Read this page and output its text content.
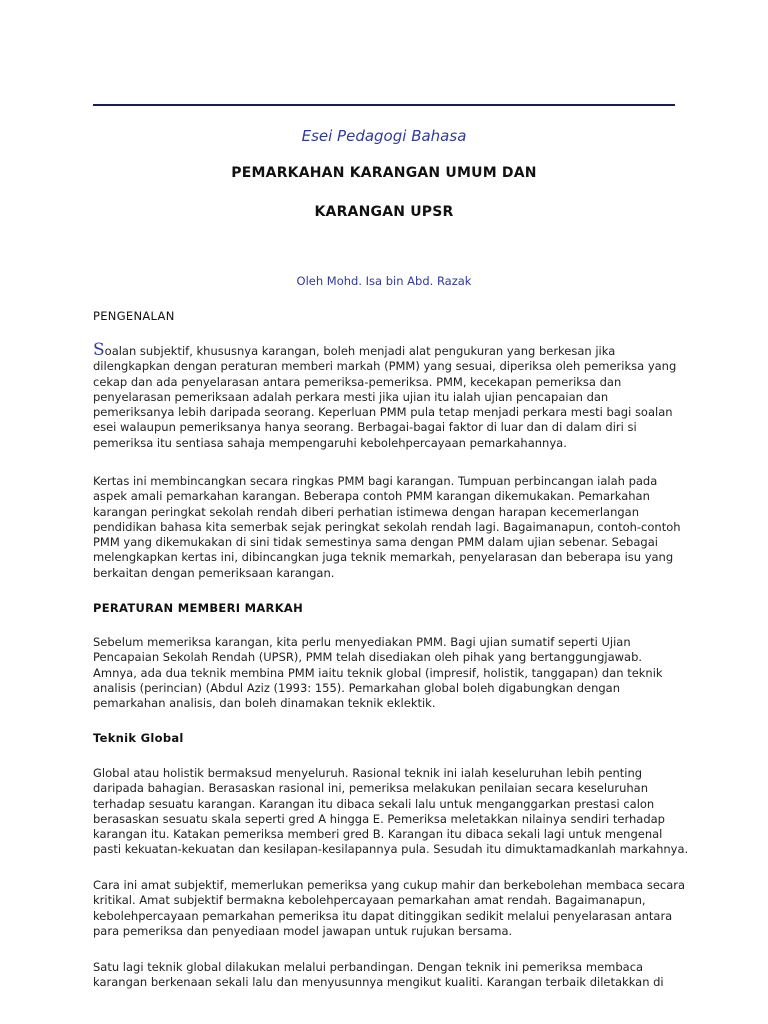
Esei Pedagogi Bahasa
PEMARKAHAN KARANGAN UMUM DAN
KARANGAN UPSR
Oleh Mohd. Isa bin Abd. Razak
PENGENALAN
Soalan subjektif, khususnya karangan, boleh menjadi alat pengukuran yang berkesan jika
dilengkapkan dengan peraturan memberi markah (PMM) yang sesuai, diperiksa oleh pemeriksa yang
cekap dan ada penyelarasan antara pemeriksa-pemeriksa. PMM, kecekapan pemeriksa dan
penyelarasan pemeriksaan adalah perkara mesti jika ujian itu ialah ujian pencapaian dan
pemeriksanya lebih daripada seorang. Keperluan PMM pula tetap menjadi perkara mesti bagi soalan
esei walaupun pemeriksanya hanya seorang. Berbagai-bagai faktor di luar dan di dalam diri si
pemeriksa itu sentiasa sahaja mempengaruhi kebolehpercayaan pemarkahannya.
Kertas ini membincangkan secara ringkas PMM bagi karangan. Tumpuan perbincangan ialah pada
aspek amali pemarkahan karangan. Beberapa contoh PMM karangan dikemukakan. Pemarkahan
karangan peringkat sekolah rendah diberi perhatian istimewa dengan harapan kecemerlangan
pendidikan bahasa kita semerbak sejak peringkat sekolah rendah lagi. Bagaimanapun, contoh-contoh
PMM yang dikemukakan di sini tidak semestinya sama dengan PMM dalam ujian sebenar. Sebagai
melengkapkan kertas ini, dibincangkan juga teknik memarkah, penyelarasan dan beberapa isu yang
berkaitan dengan pemeriksaan karangan.
PERATURAN MEMBERI MARKAH
Sebelum memeriksa karangan, kita perlu menyediakan PMM. Bagi ujian sumatif seperti Ujian
Pencapaian Sekolah Rendah (UPSR), PMM telah disediakan oleh pihak yang bertanggungjawab.
Amnya, ada dua teknik membina PMM iaitu teknik global (impresif, holistik, tanggapan) dan teknik
analisis (perincian) (Abdul Aziz (1993: 155). Pemarkahan global boleh digabungkan dengan
pemarkahan analisis, dan boleh dinamakan teknik eklektik.
Teknik Global
Global atau holistik bermaksud menyeluruh. Rasional teknik ini ialah keseluruhan lebih penting
daripada bahagian. Berasaskan rasional ini, pemeriksa melakukan penilaian secara keseluruhan
terhadap sesuatu karangan. Karangan itu dibaca sekali lalu untuk menganggarkan prestasi calon
berasaskan sesuatu skala seperti gred A hingga E. Pemeriksa meletakkan nilainya sendiri terhadap
karangan itu. Katakan pemeriksa memberi gred B. Karangan itu dibaca sekali lagi untuk mengenal
pasti kekuatan-kekuatan dan kesilapan-kesilapannya pula. Sesudah itu dimuktamadkanlah markahnya.
Cara ini amat subjektif, memerlukan pemeriksa yang cukup mahir dan berkebolehan membaca secara
kritikal. Amat subjektif bermakna kebolehpercayaan pemarkahan amat rendah. Bagaimanapun,
kebolehpercayaan pemarkahan pemeriksa itu dapat ditinggikan sedikit melalui penyelarasan antara
para pemeriksa dan penyediaan model jawapan untuk rujukan bersama.
Satu lagi teknik global dilakukan melalui perbandingan. Dengan teknik ini pemeriksa membaca
karangan berkenaan sekali lalu dan menyusunnya mengikut kualiti. Karangan terbaik diletakkan di
